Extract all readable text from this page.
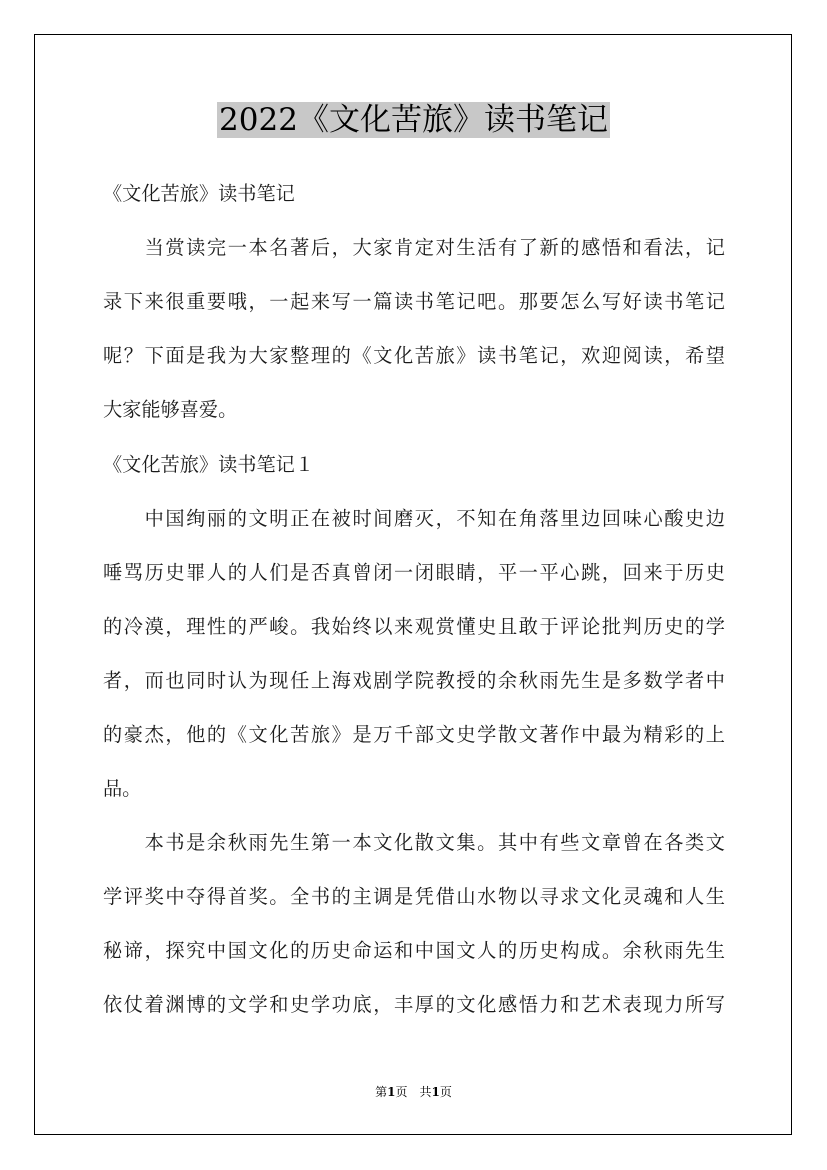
2022《文化苦旅》读书笔记
《文化苦旅》读书笔记
　　当赏读完一本名著后，大家肯定对生活有了新的感悟和看法，记
录下来很重要哦，一起来写一篇读书笔记吧。那要怎么写好读书笔记
呢？下面是我为大家整理的《文化苦旅》读书笔记，欢迎阅读，希望
大家能够喜爱。
《文化苦旅》读书笔记１
　　中国绚丽的文明正在被时间磨灭，不知在角落里边回味心酸史边
唾骂历史罪人的人们是否真曾闭一闭眼睛，平一平心跳，回来于历史
的冷漠，理性的严峻。我始终以来观赏懂史且敢于评论批判历史的学
者，而也同时认为现任上海戏剧学院教授的余秋雨先生是多数学者中
的豪杰，他的《文化苦旅》是万千部文史学散文著作中最为精彩的上
品。
　　本书是余秋雨先生第一本文化散文集。其中有些文章曾在各类文
学评奖中夺得首奖。全书的主调是凭借山水物以寻求文化灵魂和人生
秘谛，探究中国文化的历史命运和中国文人的历史构成。余秋雨先生
依仗着渊博的文学和史学功底，丰厚的文化感悟力和艺术表现力所写
第1页　共1页
